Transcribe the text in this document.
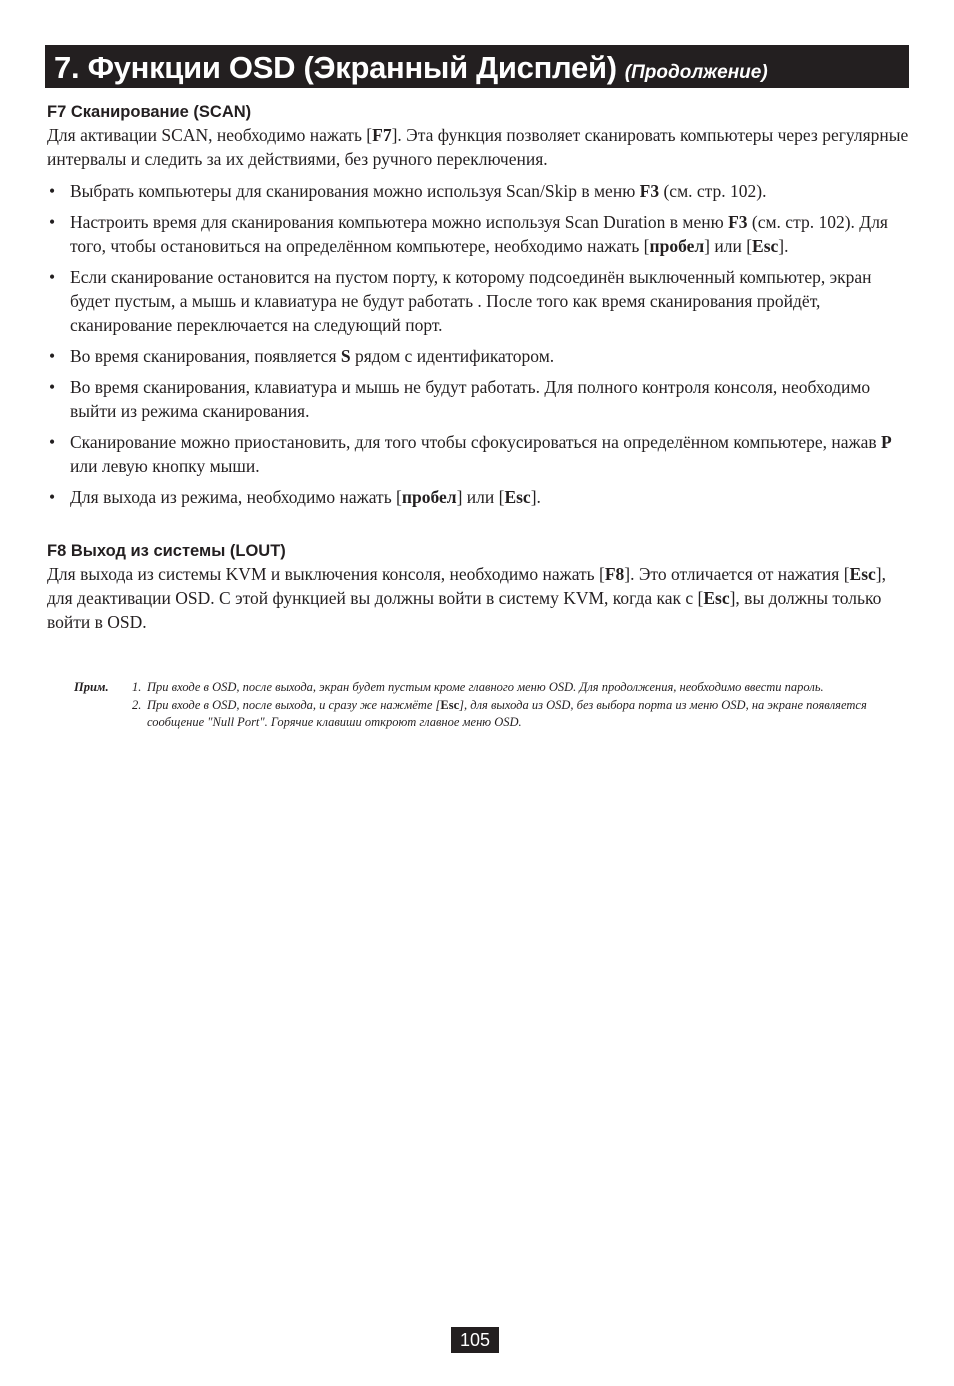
7. Функции OSD (Экранный Дисплей) (Продолжение)
F7 Сканирование (SCAN)

Для активации SCAN, необходимо нажать [F7]. Эта функция позволяет сканировать компьютеры через регулярные интервалы и следить за их действиями, без ручного переключения.

• Выбрать компьютеры для сканирования можно используя Scan/Skip в меню F3 (см. стр. 102).
• Настроить время для сканирования компьютера можно используя Scan Duration в меню F3 (см. стр. 102). Для того, чтобы остановиться на определённом компьютере, необходимо нажать [пробел] или [Esc].
• Если сканирование остановится на пустом порту, к которому подсоединён выключенный компьютер, экран будет пустым, а мышь и клавиатура не будут работать . После того как время сканирования пройдёт, сканирование переключается на следующий порт.
• Во время сканирования, появляется S рядом с идентификатором.
• Во время сканирования, клавиатура и мышь не будут работать. Для полного контроля консоля, необходимо выйти из режима сканирования.
• Сканирование можно приостановить, для того чтобы сфокусироваться на определённом компьютере, нажав P или левую кнопку мыши.
• Для выхода из режима, необходимо нажать [пробел] или [Esc].
F8 Выход из системы (LOUT)

Для выхода из системы KVM и выключения консоля, необходимо нажать [F8]. Это отличается от нажатия [Esc], для деактивации OSD. С этой функцией вы должны войти в систему KVM, когда как с [Esc], вы должны только войти в OSD.

Прим.	1. При входе в OSD, после выхода, экран будет пустым кроме главного меню OSD. Для продолжения, необходимо ввести пароль.
2. При входе в OSD, после выхода, и сразу же нажмёте [Esc], для выхода из OSD, без выбора порта из меню OSD, на экране появляется сообщение "Null Port". Горячие клавиши откроют главное меню OSD.
105
